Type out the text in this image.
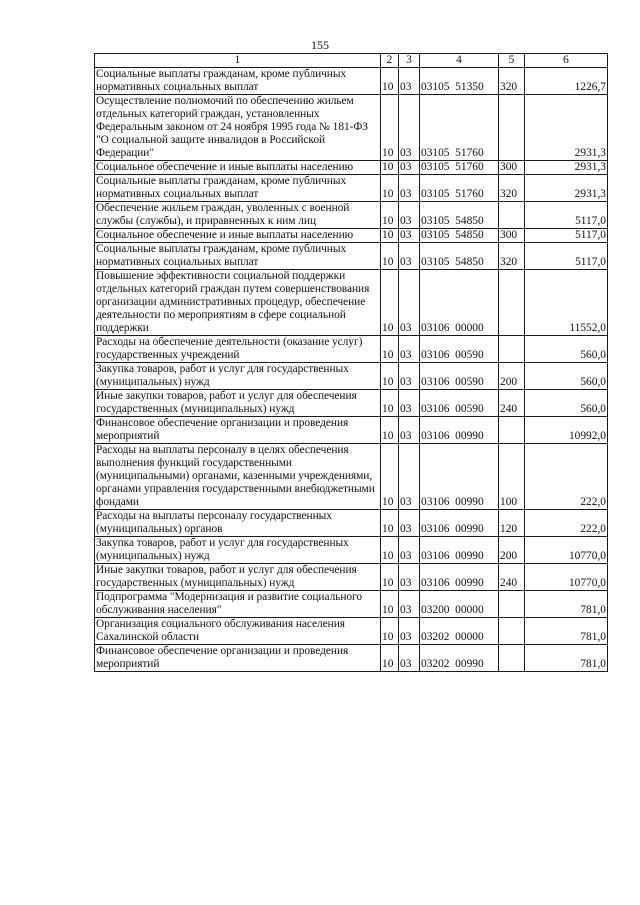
155
1	2	3	4	5	6
Социальные выплаты гражданам, кроме публичных нормативных социальных выплат	10	03	03105  51350	320	1226,7
Осуществление полномочий по обеспечению жильем отдельных категорий граждан, установленных Федеральным законом от 24 ноября 1995 года № 181-ФЗ "О социальной защите инвалидов в Российской Федерации"	10	03	03105  51760		2931,3
Социальное обеспечение и иные выплаты населению	10	03	03105  51760	300	2931,3
Социальные выплаты гражданам, кроме публичных нормативных социальных выплат	10	03	03105  51760	320	2931,3
Обеспечение жильем граждан, уволенных с военной службы (службы), и приравненных к ним лиц	10	03	03105  54850		5117,0
Социальное обеспечение и иные выплаты населению	10	03	03105  54850	300	5117,0
Социальные выплаты гражданам, кроме публичных нормативных социальных выплат	10	03	03105  54850	320	5117,0
Повышение эффективности социальной поддержки отдельных категорий граждан путем совершенствования организации административных процедур, обеспечение деятельности по мероприятиям в сфере социальной поддержки	10	03	03106  00000		11552,0
Расходы на обеспечение деятельности (оказание услуг) государственных учреждений	10	03	03106  00590		560,0
Закупка товаров, работ и услуг для государственных (муниципальных) нужд	10	03	03106  00590	200	560,0
Иные закупки товаров, работ и услуг для обеспечения государственных (муниципальных) нужд	10	03	03106  00590	240	560,0
Финансовое обеспечение организации и проведения мероприятий	10	03	03106  00990		10992,0
Расходы на выплаты персоналу в целях обеспечения выполнения функций государственными (муниципальными) органами, казенными учреждениями, органами управления государственными внебюджетными фондами	10	03	03106  00990	100	222,0
Расходы на выплаты персоналу государственных (муниципальных) органов	10	03	03106  00990	120	222,0
Закупка товаров, работ и услуг для государственных (муниципальных) нужд	10	03	03106  00990	200	10770,0
Иные закупки товаров, работ и услуг для обеспечения государственных (муниципальных) нужд	10	03	03106  00990	240	10770,0
Подпрограмма "Модернизация и развитие социального обслуживания населения"	10	03	03200  00000		781,0
Организация социального обслуживания населения Сахалинской области	10	03	03202  00000		781,0
Финансовое обеспечение организации и проведения мероприятий	10	03	03202  00990		781,0
